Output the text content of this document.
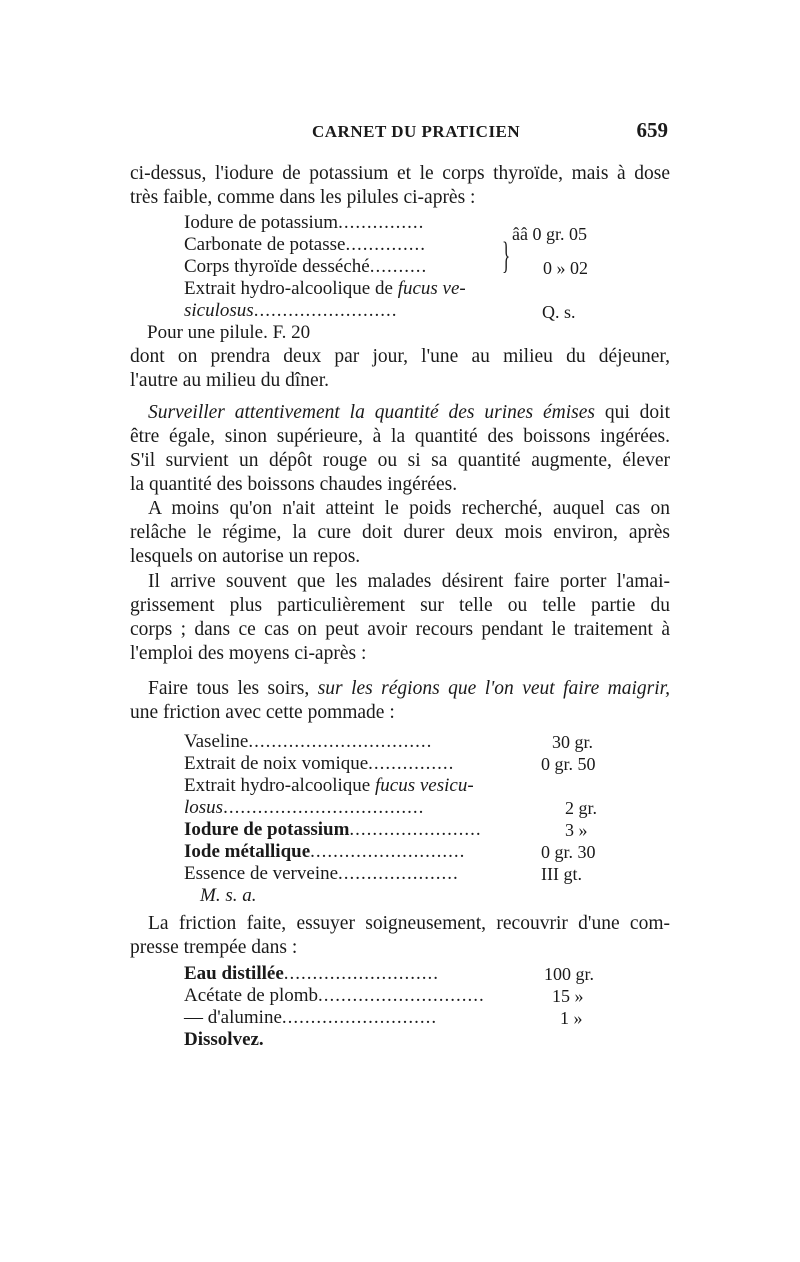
CARNET DU PRATICIEN	659
ci-dessus, l'iodure de potassium et le corps thyroïde, mais à dose
très faible, comme dans les pilules ci-après :
Iodure de potassium...............
Carbonate de potasse.............. }
ââ 0 gr. 05
Corps thyroïde desséché..........	0 » 02
Extrait hydro-alcoolique de fucus ve-
siculosus.........................	Q. s.
Pour une pilule. F. 20
dont on prendra deux par jour, l'une au milieu du déjeuner,
l'autre au milieu du dîner.
Surveiller attentivement la quantité des urines émises qui doit
être égale, sinon supérieure, à la quantité des boissons ingérées.
S'il survient un dépôt rouge ou si sa quantité augmente, élever
la quantité des boissons chaudes ingérées.
A moins qu'on n'ait atteint le poids recherché, auquel cas on
relâche le régime, la cure doit durer deux mois environ, après
lesquels on autorise un repos.
Il arrive souvent que les malades désirent faire porter l'amai-
grissement plus particulièrement sur telle ou telle partie du
corps ; dans ce cas on peut avoir recours pendant le traitement à
l'emploi des moyens ci-après :
Faire tous les soirs, sur les régions que l'on veut faire maigrir,
une friction avec cette pommade :
Vaseline................................	30 gr.
Extrait de noix vomique...............	0 gr. 50
Extrait hydro-alcoolique fucus vesicu-
losus...................................	2 gr.
Iodure de potassium.......................	3 »
Iode métallique...........................	0 gr. 30
Essence de verveine.....................	III gt.
M. s. a.
La friction faite, essuyer soigneusement, recouvrir d'une com-
presse trempée dans :
Eau distillée...........................	100 gr.
Acétate de plomb.............................	15 »
— d'alumine...........................	1 »
Dissolvez.
